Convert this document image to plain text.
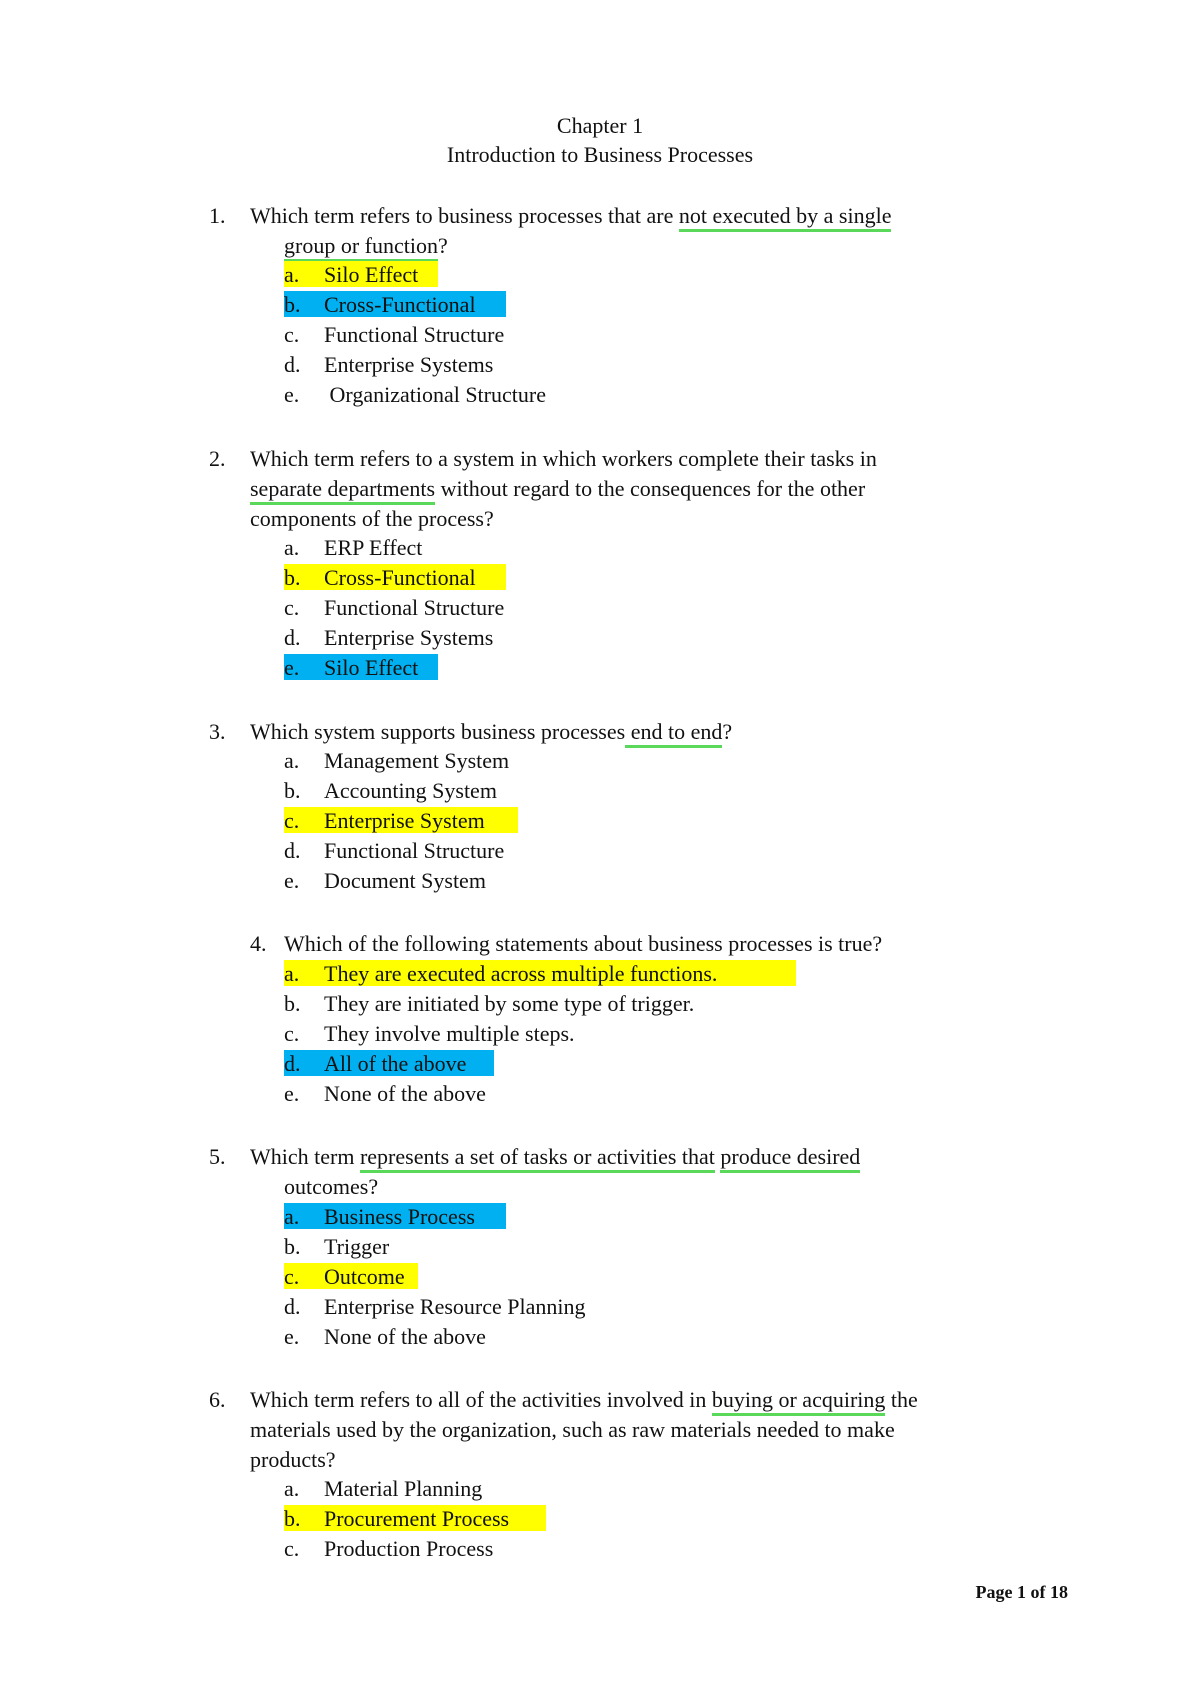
Chapter 1
Introduction to Business Processes
1. Which term refers to business processes that are not executed by a single
group or function?
a. Silo Effect
b. Cross-Functional
c. Functional Structure
d. Enterprise Systems
e. Organizational Structure
2. Which term refers to a system in which workers complete their tasks in
separate departments without regard to the consequences for the other
components of the process?
a. ERP Effect
b. Cross-Functional
c. Functional Structure
d. Enterprise Systems
e. Silo Effect
3. Which system supports business processes end to end?
a. Management System
b. Accounting System
c. Enterprise System
d. Functional Structure
e. Document System
4. Which of the following statements about business processes is true?
a. They are executed across multiple functions.
b. They are initiated by some type of trigger.
c. They involve multiple steps.
d. All of the above
e. None of the above
5. Which term represents a set of tasks or activities that produce desired
outcomes?
a. Business Process
b. Trigger
c. Outcome
d. Enterprise Resource Planning
e. None of the above
6. Which term refers to all of the activities involved in buying or acquiring the
materials used by the organization, such as raw materials needed to make
products?
a. Material Planning
b. Procurement Process
c. Production Process
Page 1 of 18
